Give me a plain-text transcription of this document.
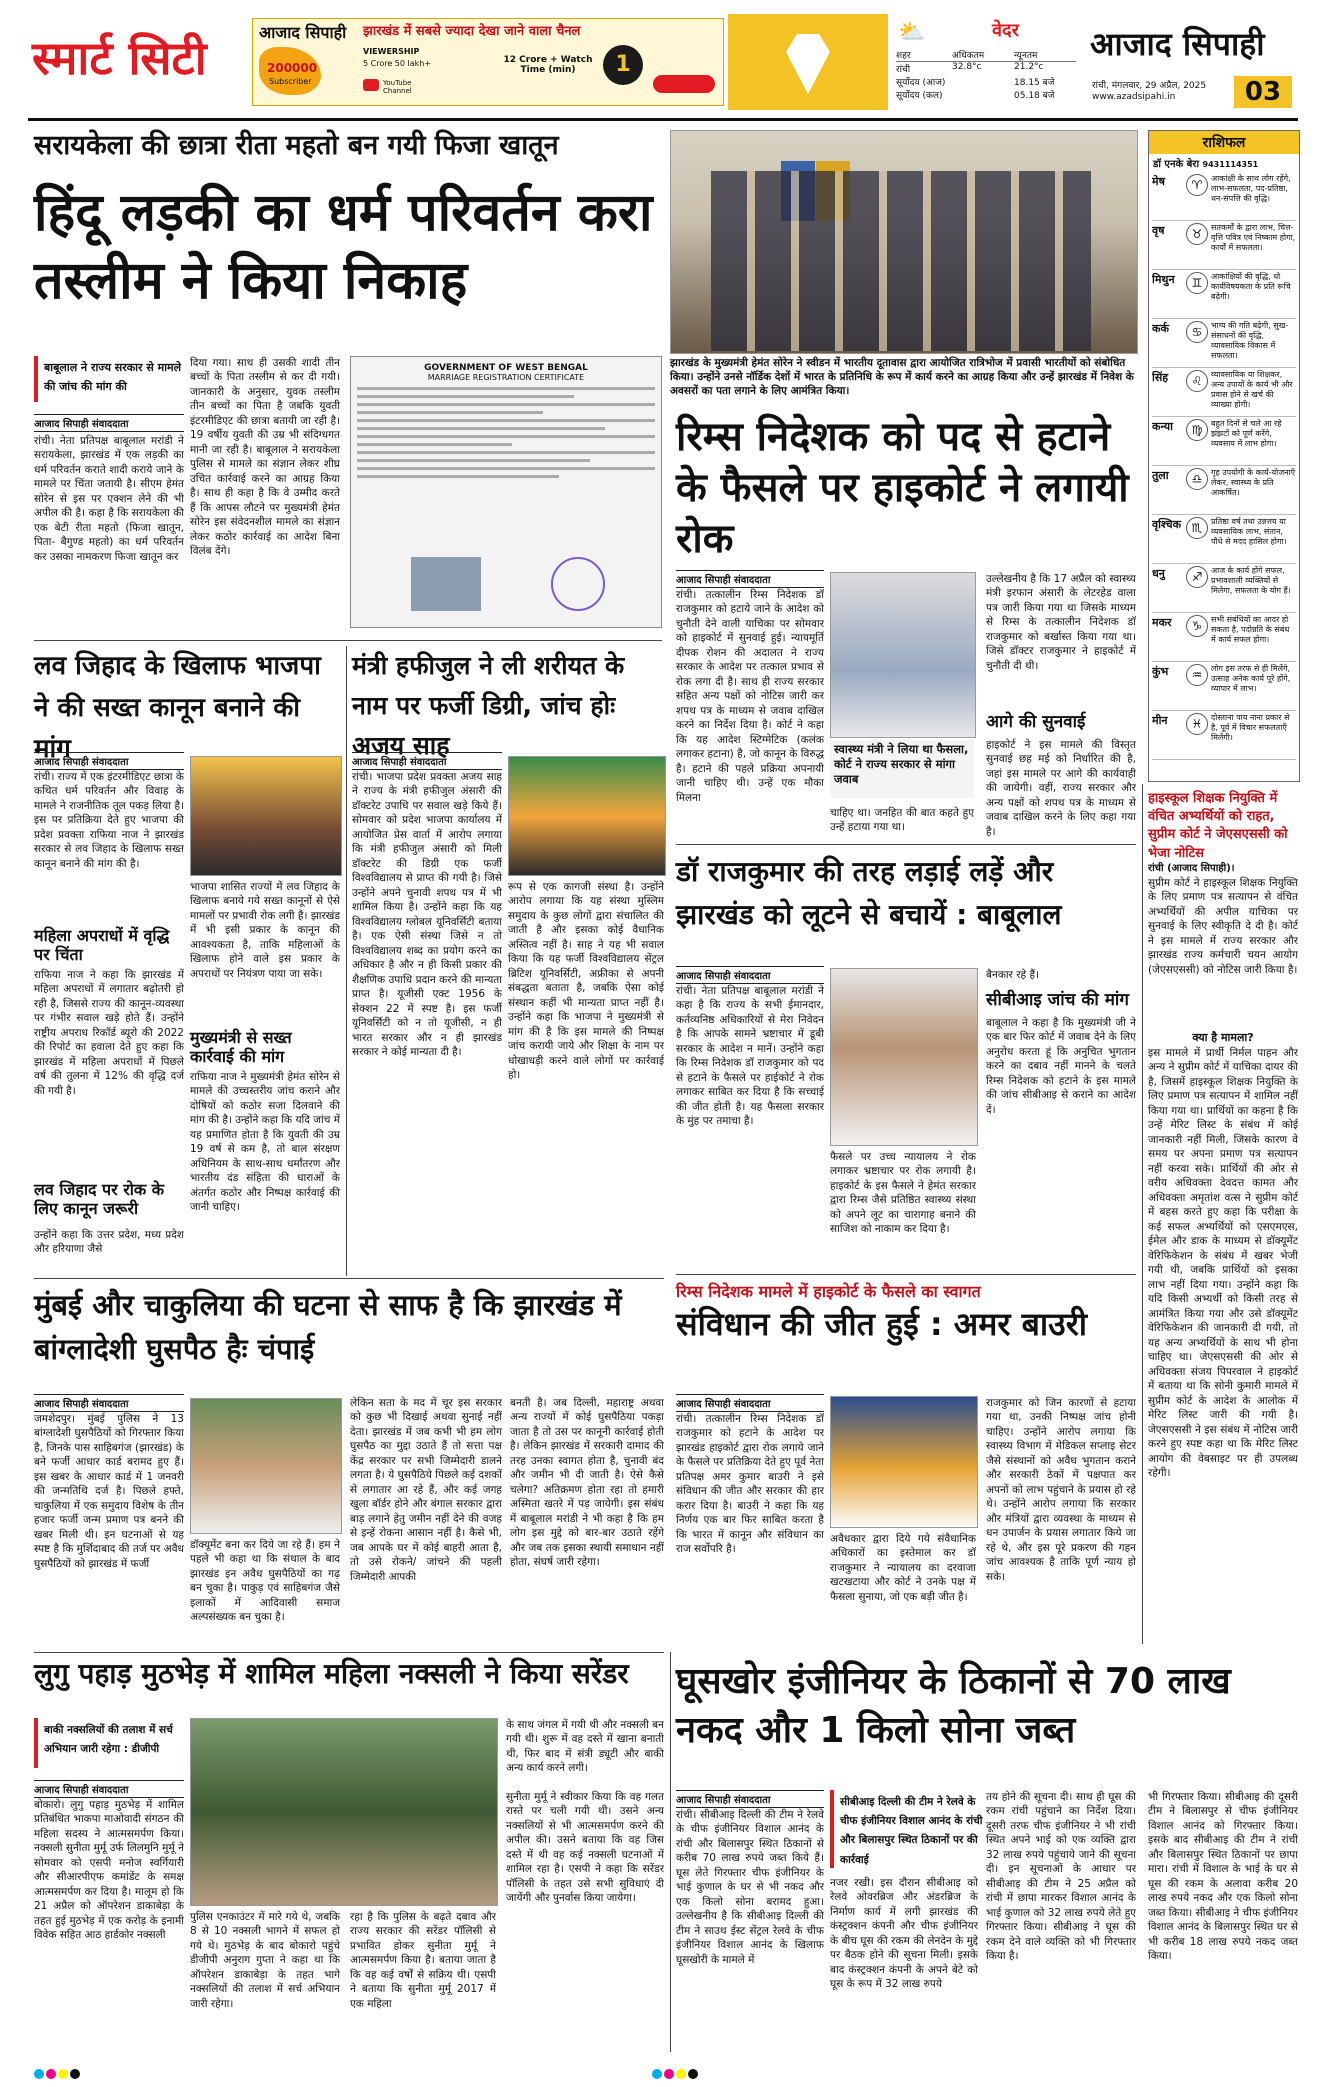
स्मार्ट सिटी	आजाद सिपाही झारखंड में सबसे ज्यादा देखा जाने वाला चैनल
200000
Subscriber
VIEWERSHIP
5 Crore 50 lakh+	12 Crore + Watch Time (min)
YouTube Channel
1
⛅	वेदर
शहर	अधिकतम	न्यूनतम
रांची	32.8°c	21.2°c
सूर्योदय (आज)	18.15 बजे
सूर्योदय (कल)	05.18 बजे
आजाद सिपाही
रांची, मंगलवार, 29 अप्रैल, 2025
www.azadsipahi.in	03
सरायकेला की छात्रा रीता महतो बन गयी फिजा खातून
हिंदू लड़की का धर्म परिवर्तन करा तस्लीम ने किया निकाह
बाबूलाल ने राज्य सरकार से मामले की जांच की मांग की
आजाद सिपाही संवाददाता
रांची। नेता प्रतिपक्ष बाबूलाल मरांडी ने सरायकेला, झारखंड में एक लड़की का धर्म परिवर्तन कराते शादी कराये जाने के मामले पर चिंता जतायी है। सीएम हेमंत सोरेन से इस पर एक्शन लेने की भी अपील की है। कहा है कि सरायकेला की एक बेटी रीता महतो (फिजा खातून, पिता- बैगुण्ड महतो) का धर्म परिवर्तन कर उसका नामकरण फिजा खातून कर
दिया गया। साथ ही उसकी शादी तीन बच्चों के पिता तस्लीम से कर दी गयी। जानकारी के अनुसार, युवक तस्लीम तीन बच्चों का पिता है जबकि युवती इंटरमीडिएट की छात्रा बतायी जा रही है। 19 वर्षीय युवती की उम्र भी संदिग्धगत मानी जा रही है। बाबूलाल ने सरायकेला पुलिस से मामले का संज्ञान लेकर शीघ्र उचित कार्रवाई करने का आग्रह किया है। साथ ही कहा है कि वे उम्मीद करते हैं कि आपस लौटने पर मुख्यमंत्री हेमंत सोरेन इस संवेदनशील मामले का संज्ञान लेकर कठोर कार्रवाई का आदेश बिना विलंब देंगे।
GOVERNMENT OF WEST BENGAL
MARRIAGE REGISTRATION CERTIFICATE
झारखंड के मुख्यमंत्री हेमंत सोरेन ने स्वीडन में भारतीय दूतावास द्वारा आयोजित रात्रिभोज में प्रवासी भारतीयों को संबोधित किया। उन्होंने उनसे नॉर्डिक देशों में भारत के प्रतिनिधि के रूप में कार्य करने का आग्रह किया और उन्हें झारखंड में निवेश के अवसरों का पता लगाने के लिए आमंत्रित किया।
राशिफल
डॉ एनके बेरा 9431114351
मेष	♈	आकांक्षी के साथ लोग रहेंगे, लाभ-सफलता, पद-प्रतिष्ठा, धन-संपत्ति की वृद्धि।
वृष	♉	सतकर्मों के द्वारा लाभ, चित्त-वृत्ति पवित्र एवं निष्काम होगा, कार्यों में सफलता।
मिथुन	♊	आकांक्षियों की वृद्धि, धो कार्यविषयकता के प्रति रूचि बढ़ेगी।
कर्क	♋	भाग्य की गति बढ़ेगी, सुख-संसाधनों की वृद्धि, व्यावसायिक विकास में सफलता।
सिंह	♌	व्यावसायिक या शिक्षकर, अन्य उपायों के कार्य भी और प्रवास होने से खर्च की व्याख्या होगी।
कन्या	♍	बहुत दिनों से चले आ रहे झंझटों को पूर्ण करेंगे, व्यवसाय में लाभ होगा।
तुला	♎	गृह उपयोगी के कार्य-योजनाएँ लेकर, स्वास्थ्य के प्रति आकर्षित।
वृश्चिक ♏	प्रतिष्ठा वर्ष तथा उन्नत्तय या व्यवसायिक लाभ, संतान, पौधे से मदद हासिल होगा।
धनु	♐	आज के कार्य होंगे सफल, प्रभावशाली व्यक्तियों से मिलेगा, सफलता के योग हैं।
मकर	♑	सभी संबंधियों का आदर हो सकता है, पदोन्नति के संबंध में कार्य सफल होगा।
कुंभ	♒	लोग इस तरफ से ही मिलेंगे, उत्साह अनेक कार्य पूरे होंगे, व्यापार में लाभ।
मीन	♓	दोस्ताना पाय नाना प्रकार से है, पूर्व में विचार सफलताएँ मिलेंगी।
रिम्स निदेशक को पद से हटाने के फैसले पर हाइकोर्ट ने लगायी रोक
आजाद सिपाही संवाददाता
रांची। तत्कालीन रिम्स निदेशक डॉ राजकुमार को हटाये जाने के आदेश को चुनौती देने वाली याचिका पर सोमवार को हाइकोर्ट में सुनवाई हुई। न्यायमूर्ति दीपक रोशन की अदालत ने राज्य सरकार के आदेश पर तत्काल प्रभाव से रोक लगा दी है। साथ ही राज्य सरकार सहित अन्य पक्षों को नोटिस जारी कर शपथ पत्र के माध्यम से जवाब दाखिल करने का निर्देश दिया है। कोर्ट ने कहा कि यह आदेश स्टिग्मेटिक (कलंक लगाकर हटाना) है, जो कानून के विरुद्ध है। हटाने की पहले प्रक्रिया अपनायी जानी चाहिए थी। उन्हें एक मौका मिलना
स्वास्थ्य मंत्री ने लिया था फैसला, कोर्ट ने राज्य सरकार से मांगा जवाब
चाहिए था। जनहित की बात कहते हुए उन्हें हटाया गया था।
उल्लेखनीय है कि 17 अप्रैल को स्वास्थ्य मंत्री इरफान अंसारी के लेटरहेड वाला पत्र जारी किया गया था जिसके माध्यम से रिम्स के तत्कालीन निदेशक डॉ राजकुमार को बर्खास्त किया गया था। जिसे डॉक्टर राजकुमार ने हाइकोर्ट में चुनौती दी थी।
आगे की सुनवाई
हाइकोर्ट ने इस मामले की विस्तृत सुनवाई छह मई को निर्धारित की है, जहां इस मामले पर आगे की कार्यवाही की जायेगी। वहीं, राज्य सरकार और अन्य पक्षों को शपथ पत्र के माध्यम से जवाब दाखिल करने के लिए कहा गया है।
लव जिहाद के खिलाफ भाजपा ने की सख्त कानून बनाने की मांग
आजाद सिपाही संवाददाता
रांची। राज्य में एक इंटरमीडिएट छात्रा के कथित धर्म परिवर्तन और विवाह के मामले ने राजनीतिक तूल पकड़ लिया है। इस पर प्रतिक्रिया देते हुए भाजपा की प्रदेश प्रवक्ता राफिया नाज ने झारखंड सरकार से लव जिहाद के खिलाफ सख्त कानून बनाने की मांग की है।
भाजपा शासित राज्यों में लव जिहाद के खिलाफ बनाये गये सख्त कानूनों से ऐसे मामलों पर प्रभावी रोक लगी है। झारखंड में भी इसी प्रकार के कानून की आवश्यकता है, ताकि महिलाओं के खिलाफ होने वाले इस प्रकार के अपराधों पर नियंत्रण पाया जा सके।
महिला अपराधों में वृद्धि पर चिंता
राफिया नाज ने कहा कि झारखंड में महिला अपराधों में लगातार बढ़ोतरी हो रही है, जिससे राज्य की कानून-व्यवस्था पर गंभीर सवाल खड़े होते हैं। उन्होंने राष्ट्रीय अपराध रिकॉर्ड ब्यूरो की 2022 की रिपोर्ट का हवाला देते हुए कहा कि झारखंड में महिला अपराधों में पिछले वर्ष की तुलना में 12% की वृद्धि दर्ज की गयी है।
मुख्यमंत्री से सख्त कार्रवाई की मांग
राफिया नाज ने मुख्यमंत्री हेमंत सोरेन से मामले की उच्चस्तरीय जांच कराने और दोषियों को कठोर सजा दिलवाने की मांग की है। उन्होंने कहा कि यदि जांच में यह प्रमाणित होता है कि युवती की उम्र 19 वर्ष से कम है, तो बाल संरक्षण अधिनियम के साथ-साथ धर्मांतरण और भारतीय दंड संहिता की धाराओं के अंतर्गत कठोर और निष्पक्ष कार्रवाई की जानी चाहिए।
लव जिहाद पर रोक के लिए कानून जरूरी
उन्होंने कहा कि उत्तर प्रदेश, मध्य प्रदेश और हरियाणा जैसे
मंत्री हफीजुल ने ली शरीयत के नाम पर फर्जी डिग्री, जांच होः अजय साह
आजाद सिपाही संवाददाता
रांची। भाजपा प्रदेश प्रवक्ता अजय साह ने राज्य के मंत्री हफीजुल अंसारी की डॉक्टरेट उपाधि पर सवाल खड़े किये हैं। सोमवार को प्रदेश भाजपा कार्यालय में आयोजित प्रेस वार्ता में आरोप लगाया कि मंत्री हफीजुल अंसारी को मिली डॉक्टरेट की डिग्री एक फर्जी विश्वविद्यालय से प्राप्त की गयी है। जिसे उन्होंने अपने चुनावी शपथ पत्र में भी शामिल किया है। उन्होंने कहा कि यह विश्वविद्यालय ग्लोबल यूनिवर्सिटी बताया है। एक ऐसी संस्था जिसे न तो विश्वविद्यालय शब्द का प्रयोग करने का अधिकार है और न ही किसी प्रकार की शैक्षणिक उपाधि प्रदान करने की मान्यता प्राप्त है। यूजीसी एक्ट 1956 के सेक्शन 22 में स्पष्ट है। इस फर्जी यूनिवर्सिटी को न तो यूजीसी, न ही भारत सरकार और न ही झारखंड सरकार ने कोई मान्यता दी है।
रूप से एक कागजी संस्था है। उन्होंने आरोप लगाया कि यह संस्था मुस्लिम समुदाय के कुछ लोगों द्वारा संचालित की जाती है और इसका कोई वैधानिक अस्तित्व नहीं है। साह ने यह भी सवाल किया कि यह फर्जी विश्वविद्यालय सेंट्रल ब्रिटिश यूनिवर्सिटी, अफ्रीका से अपनी संबद्धता बताता है, जबकि ऐसा कोई संस्थान कहीं भी मान्यता प्राप्त नहीं है। उन्होंने कहा कि भाजपा ने मुख्यमंत्री से मांग की है कि इस मामले की निष्पक्ष जांच करायी जाये और शिक्षा के नाम पर धोखाधड़ी करने वाले लोगों पर कार्रवाई हो।
डॉ राजकुमार की तरह लड़ाई लड़ें और झारखंड को लूटने से बचायें : बाबूलाल
आजाद सिपाही संवाददाता
रांची। नेता प्रतिपक्ष बाबूलाल मरांडी ने कहा है कि राज्य के सभी ईमानदार, कर्तव्यनिष्ठ अधिकारियों से मेरा निवेदन है कि आपके सामने भ्रष्टाचार में डूबी सरकार के आदेश न मानें। उन्होंने कहा कि रिम्स निदेशक डॉ राजकुमार को पद से हटाने के फैसले पर हाईकोर्ट ने रोक लगाकर साबित कर दिया है कि सच्चाई की जीत होती है। यह फैसला सरकार के मुंह पर तमाचा है।
फैसले पर उच्च न्यायालय ने रोक लगाकर भ्रष्टाचार पर रोक लगायी है। हाइकोर्ट के इस फैसले ने हेमंत सरकार द्वारा रिम्स जैसे प्रतिष्ठित स्वास्थ्य संस्था को अपने लूट का चारागाह बनाने की साजिश को नाकाम कर दिया है।
बैनकार रहे हैं।
सीबीआइ जांच की मांग
बाबूलाल ने कहा है कि मुख्यमंत्री जी ने एक बार फिर कोर्ट में जवाब देने के लिए अनुरोध करता हूं कि अनुचित भुगतान करने का दबाव नहीं मानने के चलते रिम्स निदेशक को हटाने के इस मामले की जांच सीबीआइ से कराने का आदेश दें।
हाइस्कूल शिक्षक नियुक्ति में वंचित अभ्यर्थियों को राहत, सुप्रीम कोर्ट ने जेएसएससी को भेजा नोटिस
रांची (आजाद सिपाही)।
सुप्रीम कोर्ट ने हाइस्कूल शिक्षक नियुक्ति के लिए प्रमाण पत्र सत्यापन से वंचित अभ्यर्थियों की अपील याचिका पर सुनवाई के लिए स्वीकृति दे दी है। कोर्ट ने इस मामले में राज्य सरकार और झारखंड राज्य कर्मचारी चयन आयोग (जेएसएससी) को नोटिस जारी किया है।
क्या है मामला?
इस मामले में प्रार्थी निर्मल पाहन और अन्य ने सुप्रीम कोर्ट में याचिका दायर की है, जिसमें हाइस्कूल शिक्षक नियुक्ति के लिए प्रमाण पत्र सत्यापन में शामिल नहीं किया गया था। प्रार्थियों का कहना है कि उन्हें मेरिट लिस्ट के संबंध में कोई जानकारी नहीं मिली, जिसके कारण वे समय पर अपना प्रमाण पत्र सत्यापन नहीं करवा सके। प्रार्थियों की ओर से वरीय अधिवक्ता देवदत्त कामत और अधिवक्ता अमृतांश वत्स ने सुप्रीम कोर्ट में बहस करते हुए कहा कि परीक्षा के कई सफल अभ्यर्थियों को एसएमएस, ईमेल और डाक के माध्यम से डॉक्यूमेंट वेरिफिकेशन के संबंध में खबर भेजी गयी थी, जबकि प्रार्थियों को इसका लाभ नहीं दिया गया। उन्होंने कहा कि यदि किसी अभ्यर्थी को किसी तरह से आमंत्रित किया गया और उसे डॉक्यूमेंट वेरिफिकेशन की जानकारी दी गयी, तो यह अन्य अभ्यर्थियों के साथ भी होना चाहिए था। जेएसएससी की ओर से अधिवक्ता संजय पिपरवाल ने हाइकोर्ट में बताया था कि सोनी कुमारी मामले में सुप्रीम कोर्ट के आदेश के आलोक में मेरिट लिस्ट जारी की गयी है। जेएसएससी ने इस संबंध में नोटिस जारी करने हुए स्पष्ट कहा था कि मेरिट लिस्ट आयोग की वेबसाइट पर ही उपलब्ध रहेगी।
रिम्स निदेशक मामले में हाइकोर्ट के फैसले का स्वागत
संविधान की जीत हुई : अमर बाउरी
आजाद सिपाही संवाददाता
रांची। तत्कालीन रिम्स निदेशक डॉ राजकुमार को हटाने के आदेश पर झारखंड हाइकोर्ट द्वारा रोक लगाये जाने के फैसले पर प्रतिक्रिया देते हुए पूर्व नेता प्रतिपक्ष अमर कुमार बाउरी ने इसे संविधान की जीत और सरकार की हार करार दिया है। बाउरी ने कहा कि यह निर्णय एक बार फिर साबित करता है कि भारत में कानून और संविधान का राज सर्वोपरि है।
अवैधकार द्वारा दिये गये संवैधानिक अधिकारों का इस्तेमाल कर डॉ राजकुमार ने न्यायालय का दरवाजा खटखटाया और कोर्ट ने उनके पक्ष में फैसला सुनाया, जो एक बड़ी जीत है।
राजकुमार को जिन कारणों से हटाया गया था, उनकी निष्पक्ष जांच होनी चाहिए। उन्होंने आरोप लगाया कि स्वास्थ्य विभाग में मेडिकल सप्लाइ सेटर जैसे संस्थानों को अवैध भुगतान कराने और सरकारी ठेकों में पक्षपात कर अपनों को लाभ पहुंचाने के प्रयास हो रहे थे। उन्होंने आरोप लगाया कि सरकार और मंत्रियों द्वारा व्यवस्था के माध्यम से धन उपार्जन के प्रयास लगातार किये जा रहे थे, और इस पूरे प्रकरण की गहन जांच आवश्यक है ताकि पूर्ण न्याय हो सके।
मुंबई और चाकुलिया की घटना से साफ है कि झारखंड में बांग्लादेशी घुसपैठ हैः चंपाई
आजाद सिपाही संवाददाता
जमशेदपुर। मुंबई पुलिस ने 13 बांग्लादेशी घुसपैठियों को गिरफ्तार किया है, जिनके पास साहिबगंज (झारखंड) के बने फर्जी आधार कार्ड बरामद हुए हैं। इस खबर के आधार कार्ड में 1 जनवरी की जन्मतिथि दर्ज है। पिछले हफ्ते, चाकुलिया में एक समुदाय विशेष के तीन हजार फर्जी जन्म प्रमाण पत्र बनने की खबर मिली थी। इन घटनाओं से यह स्पष्ट है कि मुर्शिदाबाद की तर्ज पर अवैध घुसपैठियों को झारखंड में फर्जी
डॉक्यूमेंट बना कर दिये जा रहे हैं। हम ने पहले भी कहा था कि संथाल के बाद झारखंड इन अवैध घुसपैठियों का गढ़ बन चुका है। पाकुड़ एवं साहिबगंज जैसे इलाकों में आदिवासी समाज अल्पसंख्यक बन चुका है।
लेकिन सता के मद में चूर इस सरकार को कुछ भी दिखाई अथवा सुनाई नहीं देता। झारखंड में जब कभी भी हम लोग घुसपैठ का मुद्दा उठाते हैं तो सत्ता पक्ष केंद्र सरकार पर सभी जिम्मेदारी डालने लगता है। ये घुसपैठिये पिछले कई दशकों से लगातार आ रहे हैं, और कई जगह खुला बॉर्डर होने और बंगाल सरकार द्वारा बाड़ लगाने हेतु जमीन नहीं देने की वजह से इन्हें रोकना आसान नहीं है। कैसे भी, जब आपके घर में कोई बाहरी आता है, तो उसे रोकने/ जांचने की पहली जिम्मेदारी आपकी
बनती है। जब दिल्ली, महाराष्ट्र अथवा अन्य राज्यों में कोई घुसपैठिया पकड़ा जाता है तो उस पर कानूनी कार्रवाई होती है। लेकिन झारखंड में सरकारी दामाद की तरह उनका स्वागत होता है, चुनावी बंद और जमीन भी दी जाती है। ऐसे कैसे चलेगा? अतिक्रमण होता रहा तो हमारी अस्मिता खतरे में पड़ जायेगी। इस संबंध में बाबूलाल मरांडी ने भी कहा है कि हम लोग इस मुद्दे को बार-बार उठाते रहेंगे और जब तक इसका स्थायी समाधान नहीं होता, संघर्ष जारी रहेगा।
लुगु पहाड़ मुठभेड़ में शामिल महिला नक्सली ने किया सरेंडर
बाकी नक्सलियों की तलाश में सर्च अभियान जारी रहेगा : डीजीपी
आजाद सिपाही संवाददाता
बोकारो। लुगु पहाड़ मुठभेड़ में शामिल प्रतिबंधित भाकपा माओवादी संगठन की महिला सदस्य ने आत्मसमर्पण किया। नक्सली सुनीता मुर्मू उर्फ लिलमुनि मुर्मू ने सोमवार को एसपी मनोज स्वर्गियारी और सीआरपीएफ कमांडेंट के समक्ष आत्मसमर्पण कर दिया है। मालूम हो कि 21 अप्रैल को ऑपरेशन डाकाबेड़ा के तहत हुई मुठभेड़ में एक करोड़ के इनामी विवेक सहित आठ हार्डकोर नक्सली
पुलिस एनकाउंटर में मारे गये थे, जबकि 8 से 10 नक्सली भागने में सफल हो गये थे। मुठभेड़ के बाद बोकारो पहुंचे डीजीपी अनुराग गुप्ता ने कहा था कि ऑपरेशन डाकाबेड़ा के तहत भागे नक्सलियों की तलाश में सर्च अभियान जारी रहेगा।
रहा है कि पुलिस के बढ़ते दबाव और राज्य सरकार की सरेंडर पॉलिसी से प्रभावित होकर सुनीता मुर्मू ने आत्मसमर्पण किया है। बताया जाता है कि वह कई वर्षों से सक्रिय थी। एसपी ने बताया कि सुनीता मुर्मू 2017 में एक महिला
के साथ जंगल में गयी थी और नक्सली बन गयी थी। शुरू में वह दस्ते में खाना बनाती थी, फिर बाद में संत्री ड्यूटी और बाकी अन्य कार्य करने लगी।
सुनीता मुर्मू ने स्वीकार किया कि वह गलत रास्ते पर चली गयी थी। उसने अन्य नक्सलियों से भी आत्मसमर्पण करने की अपील की। उसने बताया कि वह जिस दस्ते में थी वह कई नक्सली घटनाओं में शामिल रहा है। एसपी ने कहा कि सरेंडर पॉलिसी के तहत उसे सभी सुविधाएं दी जायेंगी और पुनर्वास किया जायेगा।
घूसखोर इंजीनियर के ठिकानों से 70 लाख नकद और 1 किलो सोना जब्त
आजाद सिपाही संवाददाता
रांची। सीबीआइ दिल्ली की टीम ने रेलवे के चीफ इंजीनियर विशाल आनंद के रांची और बिलासपुर स्थित ठिकानों से करीब 70 लाख रुपये जब्त किये हैं। घूस लेते गिरफ्तार चीफ इंजीनियर के भाई कुणाल के घर से भी नकद और एक किलो सोना बरामद हुआ। उल्लेखनीय है कि सीबीआइ दिल्ली की टीम ने साउथ ईस्ट सेंट्रल रेलवे के चीफ इंजीनियर विशाल आनंद के खिलाफ घूसखोरी के मामले में
सीबीआइ दिल्ली की टीम ने रेलवे के चीफ इंजीनियर विशाल आनंद के रांची और बिलासपुर स्थित ठिकानों पर की कार्रवाई
नजर रखी। इस दौरान सीबीआइ को रेलवे ओवरब्रिज और अंडरब्रिज के निर्माण कार्य में लगी झारखंड की कंस्ट्रक्शन कंपनी और चीफ इंजीनियर के बीच घूस की रकम की लेनदेन के मुद्दे पर बैठक होने की सूचना मिली। इसके बाद कंस्ट्रक्शन कंपनी के अपने बेटे को घूस के रूप में 32 लाख रुपये
तय होने की सूचना दी। साथ ही घूस की रकम रांची पहुंचाने का निर्देश दिया। दूसरी तरफ चीफ इंजीनियर ने भी रांची स्थित अपने भाई को एक व्यक्ति द्वारा 32 लाख रुपये पहुंचाये जाने की सूचना दी। इन सूचनाओं के आधार पर सीबीआइ की टीम ने 25 अप्रैल को रांची में छापा मारकर विशाल आनंद के भाई कुणाल को 32 लाख रुपये लेते हुए गिरफ्तार किया। सीबीआइ ने घूस की रकम देने वाले व्यक्ति को भी गिरफ्तार किया है।
भी गिरफ्तार किया। सीबीआइ की दूसरी टीम ने बिलासपुर से चीफ इंजीनियर विशाल आनंद को गिरफ्तार किया। इसके बाद सीबीआइ की टीम ने रांची और बिलासपुर स्थित ठिकानों पर छापा मारा। रांची में विशाल के भाई के घर से घूस की रकम के अलावा करीब 20 लाख रुपये नकद और एक किलो सोना जब्त किया। सीबीआइ ने चीफ इंजीनियर विशाल आनंद के बिलासपुर स्थित घर से भी करीब 18 लाख रुपये नकद जब्त किया।
